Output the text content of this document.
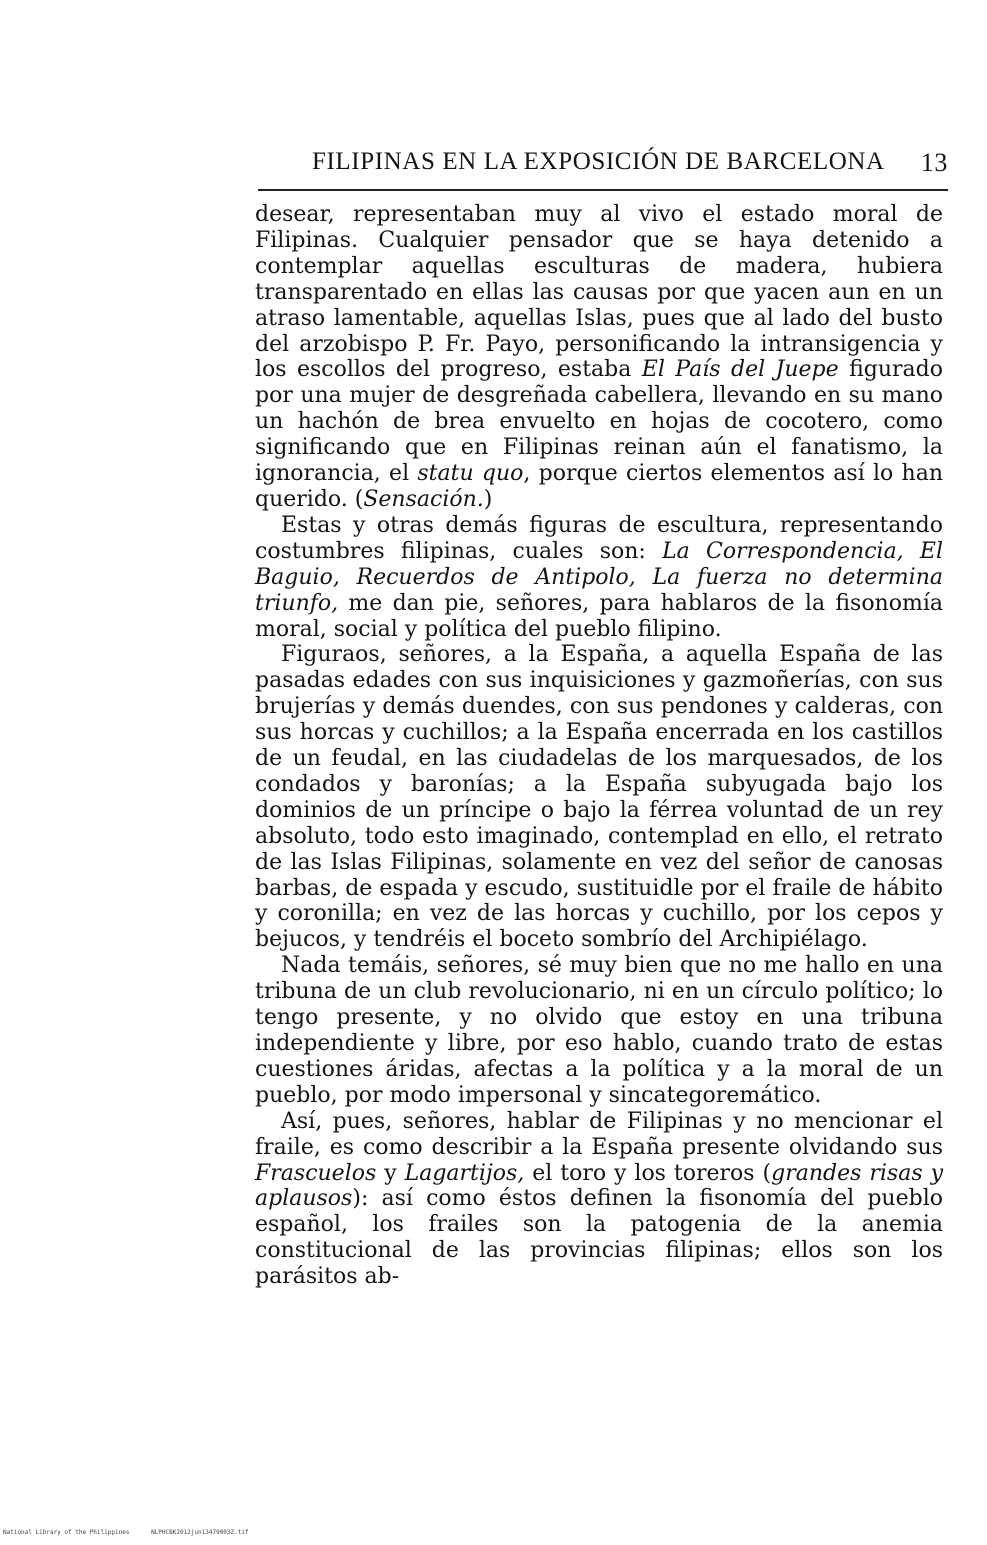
FILIPINAS EN LA EXPOSICIÓN DE BARCELONA 13

desear, representaban muy al vivo el estado moral de Filipinas. Cualquier pensador que se haya detenido a contemplar aquellas esculturas de madera, hubiera transparentado en ellas las causas por que yacen aun en un atraso lamentable, aquellas Islas, pues que al lado del busto del arzobispo P. Fr. Payo, personificando la intransigencia y los escollos del progreso, estaba El País del Juepe figurado por una mujer de desgreñada cabellera, llevando en su mano un hachón de brea envuelto en hojas de cocotero, como significando que en Filipinas reinan aún el fanatismo, la ignorancia, el statu quo, porque ciertos elementos así lo han querido. (Sensación.)

Estas y otras demás figuras de escultura, representando costumbres filipinas, cuales son: La Correspondencia, El Baguio, Recuerdos de Antipolo, La fuerza no determina triunfo, me dan pie, señores, para hablaros de la fisonomía moral, social y política del pueblo filipino.

Figuraos, señores, a la España, a aquella España de las pasadas edades con sus inquisiciones y gazmoñerías, con sus brujerías y demás duendes, con sus pendones y calderas, con sus horcas y cuchillos; a la España encerrada en los castillos de un feudal, en las ciudadelas de los marquesados, de los condados y baronías; a la España subyugada bajo los dominios de un príncipe o bajo la férrea voluntad de un rey absoluto, todo esto imaginado, contemplad en ello, el retrato de las Islas Filipinas, solamente en vez del señor de canosas barbas, de espada y escudo, sustituidle por el fraile de hábito y coronilla; en vez de las horcas y cuchillo, por los cepos y bejucos, y tendréis el boceto sombrío del Archipiélago.

Nada temáis, señores, sé muy bien que no me hallo en una tribuna de un club revolucionario, ni en un círculo político; lo tengo presente, y no olvido que estoy en una tribuna independiente y libre, por eso hablo, cuando trato de estas cuestiones áridas, afectas a la política y a la moral de un pueblo, por modo impersonal y sincategoremático.

Así, pues, señores, hablar de Filipinas y no mencionar el fraile, es como describir a la España presente olvidando sus Frascuelos y Lagartijos, el toro y los toreros (grandes risas y aplausos): así como éstos definen la fisonomía del pueblo español, los frailes son la patogenia de la anemia constitucional de las provincias filipinas; ellos son los parásitos ab-

National Library of the Philippines	NLPHCBK2012jun13479003Z.tif
